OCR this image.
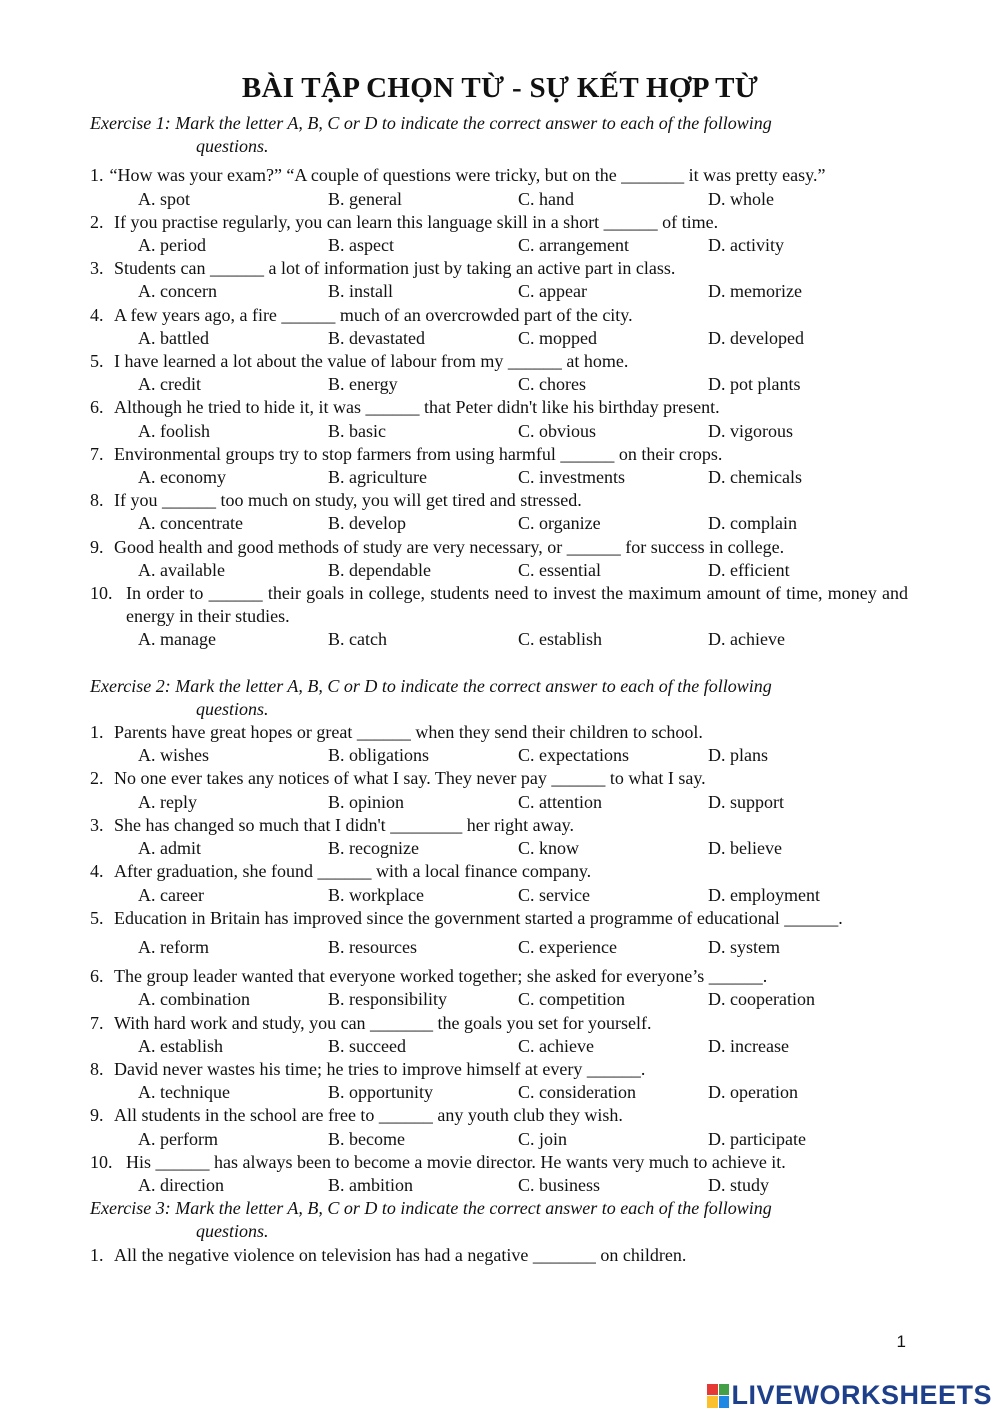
BÀI TẬP CHỌN TỪ - SỰ KẾT HỢP TỪ

Exercise 1: Mark the letter A, B, C or D to indicate the correct answer to each of the following
questions.

1. “How was your exam?” “A couple of questions were tricky, but on the _______ it was pretty easy.”
A. spot	B. general	C. hand	D. whole
2. If you practise regularly, you can learn this language skill in a short ______ of time.
A. period	B. aspect	C. arrangement	D. activity
3. Students can ______ a lot of information just by taking an active part in class.
A. concern	B. install	C. appear	D. memorize
4. A few years ago, a fire ______ much of an overcrowded part of the city.
A. battled	B. devastated	C. mopped	D. developed
5. I have learned a lot about the value of labour from my ______ at home.
A. credit	B. energy	C. chores	D. pot plants
6. Although he tried to hide it, it was ______ that Peter didn't like his birthday present.
A. foolish	B. basic	C. obvious	D. vigorous
7. Environmental groups try to stop farmers from using harmful ______ on their crops.
A. economy	B. agriculture	C. investments	D. chemicals
8. If you ______ too much on study, you will get tired and stressed.
A. concentrate	B. develop	C. organize	D. complain
9. Good health and good methods of study are very necessary, or ______ for success in college.
A. available	B. dependable	C. essential	D. efficient
10. In order to ______ their goals in college, students need to invest the maximum amount of time, money and energy in their studies.
A. manage	B. catch	C. establish	D. achieve

Exercise 2: Mark the letter A, B, C or D to indicate the correct answer to each of the following
questions.

1. Parents have great hopes or great ______ when they send their children to school.
A. wishes	B. obligations	C. expectations	D. plans
2. No one ever takes any notices of what I say. They never pay ______ to what I say.
A. reply	B. opinion	C. attention	D. support
3. She has changed so much that I didn't ________ her right away.
A. admit	B. recognize	C. know	D. believe
4. After graduation, she found ______ with a local finance company.
A. career	B. workplace	C. service	D. employment
5. Education in Britain has improved since the government started a programme of educational ______.
A. reform	B. resources	C. experience	D. system
6. The group leader wanted that everyone worked together; she asked for everyone’s ______.
A. combination	B. responsibility	C. competition	D. cooperation
7. With hard work and study, you can _______ the goals you set for yourself.
A. establish	B. succeed	C. achieve	D. increase
8. David never wastes his time; he tries to improve himself at every ______.
A. technique	B. opportunity	C. consideration	D. operation
9. All students in the school are free to ______ any youth club they wish.
A. perform	B. become	C. join	D. participate
10. His ______ has always been to become a movie director. He wants very much to achieve it.
A. direction	B. ambition	C. business	D. study

Exercise 3: Mark the letter A, B, C or D to indicate the correct answer to each of the following
questions.

1. All the negative violence on television has had a negative _______ on children.
1
LIVEWORKSHEETS
